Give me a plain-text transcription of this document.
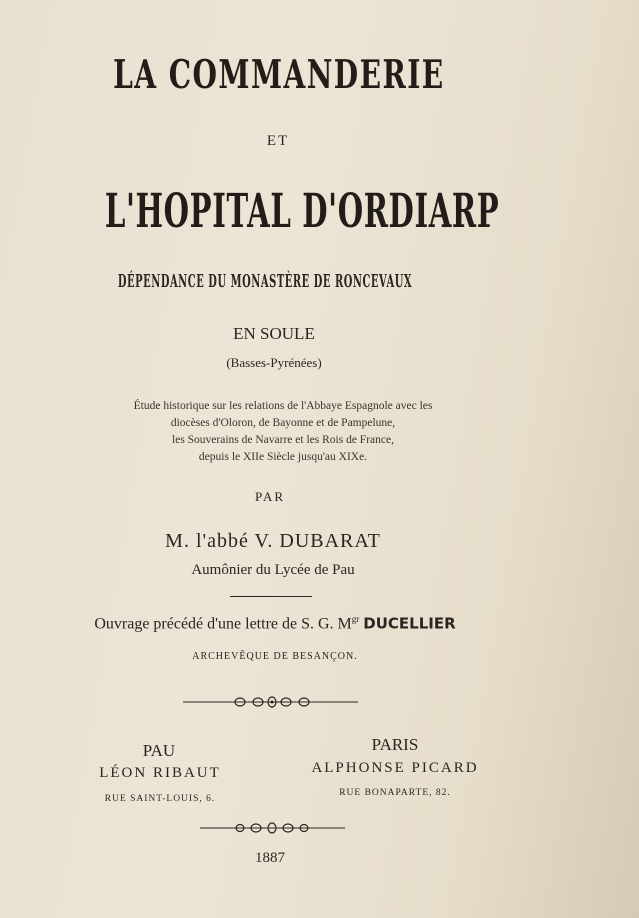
LA COMMANDERIE
ET
L'HOPITAL D'ORDIARP
DÉPENDANCE DU MONASTÈRE DE RONCEVAUX
EN SOULE
(Basses-Pyrénées)
Étude historique sur les relations de l'Abbaye Espagnole avec les
diocèses d'Oloron, de Bayonne et de Pampelune,
les Souverains de Navarre et les Rois de France,
depuis le XIIe Siècle jusqu'au XIXe.
PAR
M. l'abbé V. DUBARAT
Aumônier du Lycée de Pau
Ouvrage précédé d'une lettre de S. G. $M^{gr}$ DUCELLIER
ARCHEVÊQUE DE BESANÇON.
PAU
LÉON RIBAUT
RUE SAINT-LOUIS, 6.
PARIS
ALPHONSE PICARD
RUE BONAPARTE, 82.
1887
